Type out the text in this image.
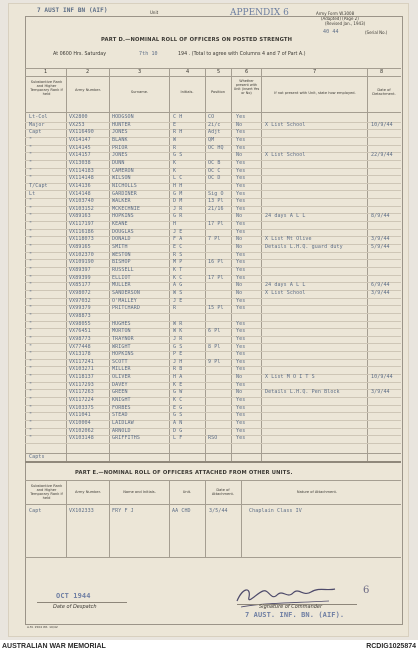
7 AUST INF BN (AIF)	Unit	APPENDIX 6	Army Form W.3008
(Adapted) (Page 2)
(Revised Jan., 1943)
40 44	(Serial No.)
PART D.—NOMINAL ROLL OF OFFICERS ON POSTED STRENGTH
At 0600 Hrs. Saturday	7th 10	194 . (Total to agree with Columns 4 and 7 of Part A.)
1	2	3	4	5	6	7	8
Substantive Rank and Higher Temporary Rank if held
Army Number.	Surname.	Initials.	Position
Whether present with Unit (insert Yes or No)	If not present with Unit, state how employed.
Date of Detachment.
Capts
PART E.—NOMINAL ROLL OF OFFICERS ATTACHED FROM OTHER UNITS.
Substantive Rank and Higher Temporary Rank if held
Army Number.	Name and Initials.	Unit.	Date of Attachment.
Nature of Attachment.
Capt	VX102333	FRY F J	AA CHD	3/5/44	Chaplain Class IV
OCT 1944
Date of Despatch
6
Signature of Commander
7 AUST. INF. BN. (AIF).
A.M. 1504 Wt. 10/42
Lt-Col	VX2800	HODGSON	C H	CO	Yes
Major	VX253	HUNTER	E	2i/c	No	X List School	10/9/44
Capt	VX116490	JONES	R H	Adjt	Yes
"	VX14147	BLANK	W	QM	Yes
"	VX14145	PRIOR	R	OC HQ Yes
"	VX14157	JONES	G S	No	X List School	22/9/44
"	VX13038	DUNN	K	OC B	Yes
"	VX114183	CAMERON	K	OC C	Yes
"	VX114148	WILSON	L C	OC D	Yes
T/Capt	VX14136	NICHOLLS	H H	Yes
Lt	VX14148	GARDINER	G M	Sig O Yes
"	VX103740	WALKER	D M	13 Pl Yes
"	VX103152	MCKECHNIE	J R	21/16 Yes
"	VX89163	HOPKINS	G R	No	24 days A L L	8/9/44
"	VX117197	KEANE	H	17 Pl Yes
"	VX116186	DOUGLAS	J E	Yes
"	VX118073	DONALD	F A	7 Pl	No	X List Mt Olive	3/9/44
"	VX89165	SMITH	E C	No	Details L.H.Q. guard duty	5/9/44
"	VX102370	WESTON	R S	Yes
"	VX109190	BISHOP	M P	16 Pl Yes
"	VX89397	RUSSELL	K T	Yes
"	VX89399	ELLIOT	K C	17 Pl Yes
"	VX85177	MULLER	A G	No	24 days A L L	6/9/44
"	VX98072	SANDERSON	W S	No	X List School	3/9/44
"	VX97032	O'MALLEY	J E	Yes
"	VX99379	PRITCHARD	R	15 Pl Yes
"	VX98873
"	VX98055	HUGHES	W R	Yes
"	VX76451	MORTON	W K	6 Pl	Yes
"	VX98773	TRAYNOR	J R	Yes
"	VX77448	WRIGHT	G S	8 Pl	Yes
"	VX13178	HOPKINS	P E	Yes
"	VX117241	SCOTT	J H	9 Pl	Yes
"	VX103271	MILLER	R B	Yes
"	VX118137	OLIVER	H A	No	X List M O I T S	10/9/44
"	VX117293	DAVEY	K E	Yes
"	VX117263	GREEN	G W	No	Details L.H.Q. Pen Block	3/9/44
"	VX117224	KNIGHT	K C	Yes
"	VX103375	FORBES	E G	Yes
"	VX11041	STEAD	G S	Yes
"	VX10004	LAIDLAW	A N	Yes
"	VX102062	ARNOLD	D G	Yes
"	VX103148	GRIFFITHS	L F	RSO	Yes
AUSTRALIAN WAR MEMORIAL	RCDIG1025874
